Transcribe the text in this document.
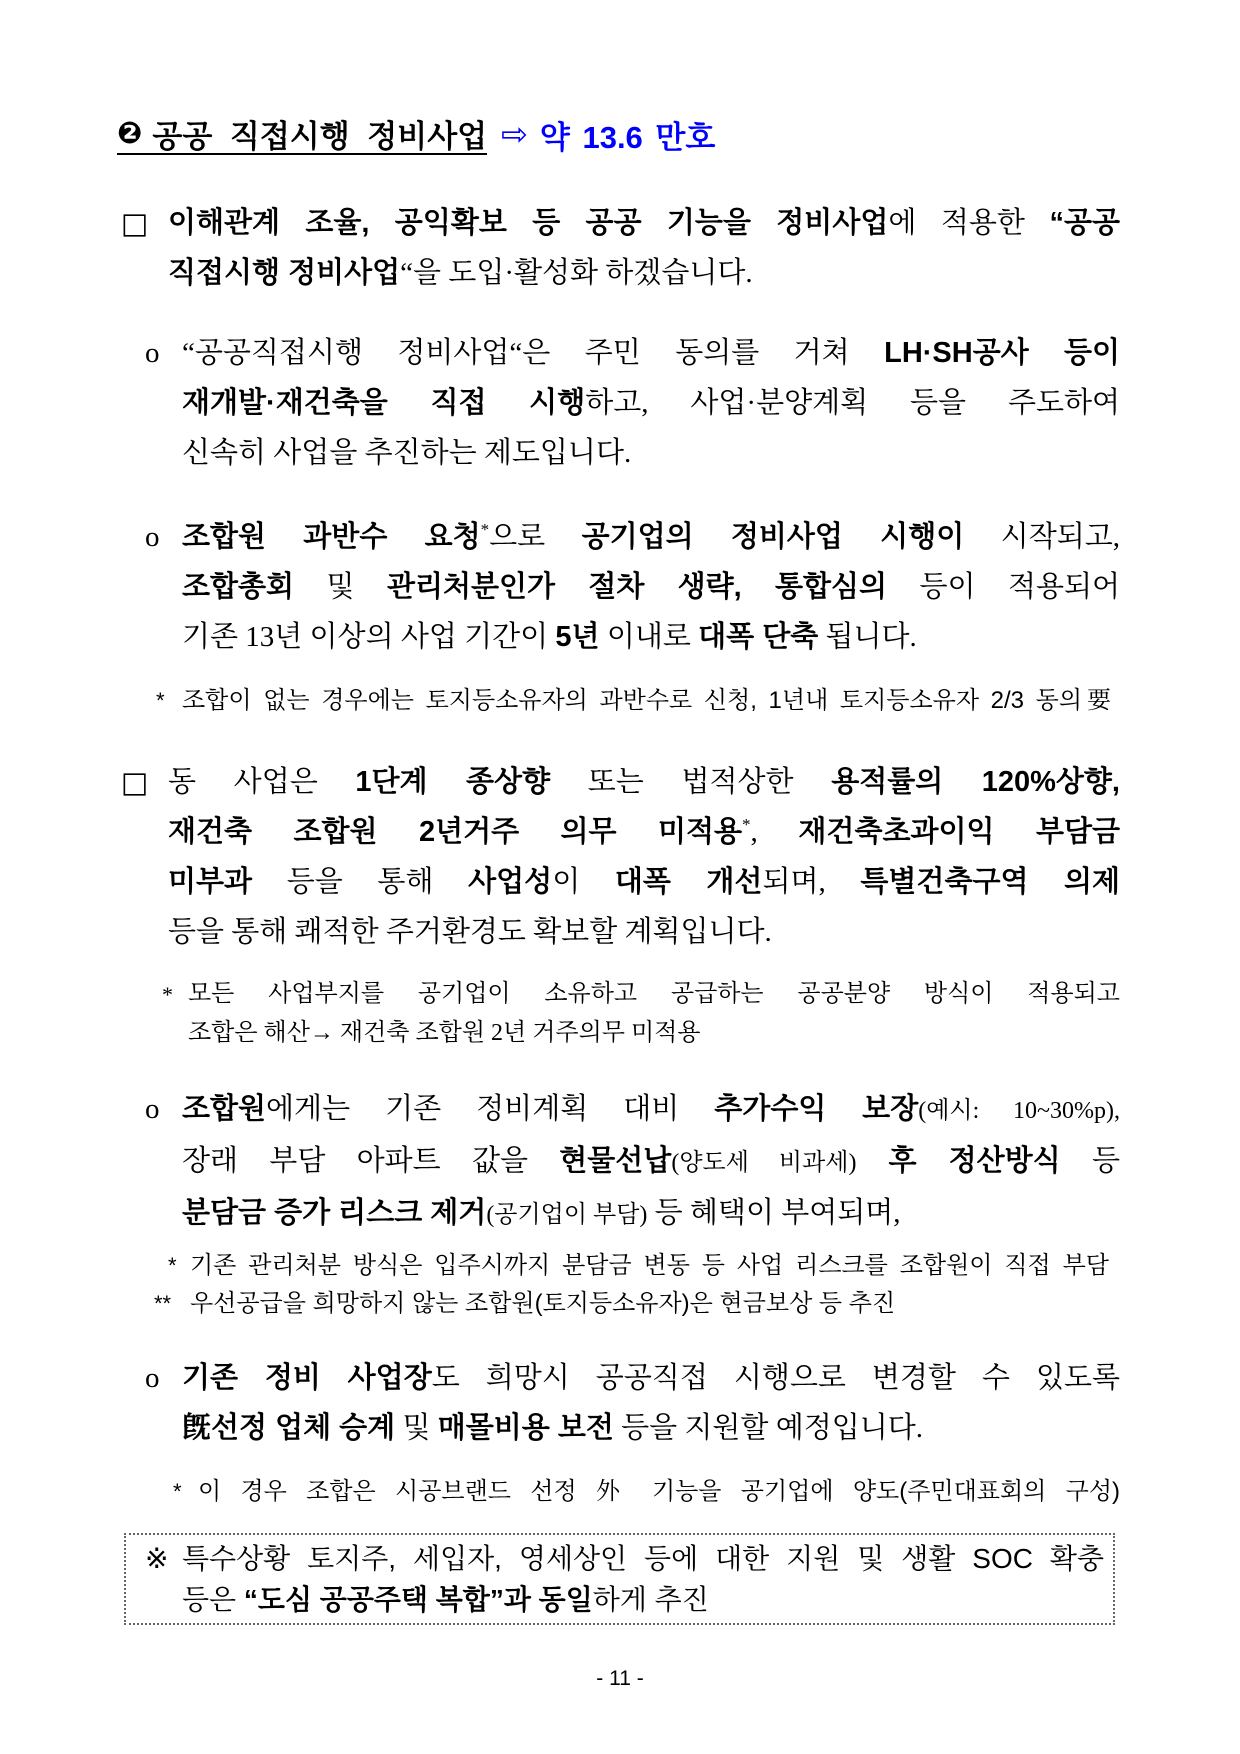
❷ 공공 직접시행 정비사업 ⇨ 약 13.6 만호
□ 이해관계 조율, 공익확보 등 공공 기능을 정비사업에 적용한 “공공
직접시행 정비사업“을 도입·활성화 하겠습니다.
o “공공직접시행 정비사업“은 주민 동의를 거쳐 LH·SH공사 등이
재개발·재건축을 직접 시행하고, 사업·분양계획 등을 주도하여
신속히 사업을 추진하는 제도입니다.
o 조합원 과반수 요청*으로 공기업의 정비사업 시행이 시작되고,
조합총회 및 관리처분인가 절차 생략, 통합심의 등이 적용되어
기존 13년 이상의 사업 기간이 5년 이내로 대폭 단축 됩니다.
* 조합이 없는 경우에는 토지등소유자의 과반수로 신청, 1년내 토지등소유자 2/3 동의要
□ 동 사업은 1단계 종상향 또는 법적상한 용적률의 120%상향,
재건축 조합원 2년거주 의무 미적용*, 재건축초과이익 부담금
미부과 등을 통해 사업성이 대폭 개선되며, 특별건축구역 의제
등을 통해 쾌적한 주거환경도 확보할 계획입니다.
* 모든 사업부지를 공기업이 소유하고 공급하는 공공분양 방식이 적용되고
조합은 해산→ 재건축 조합원 2년 거주의무 미적용
o 조합원에게는 기존 정비계획 대비 추가수익 보장(예시: 10~30%p),
장래 부담 아파트 값을 현물선납(양도세 비과세) 후 정산방식 등
분담금 증가 리스크 제거(공기업이 부담) 등 혜택이 부여되며,
* 기존 관리처분 방식은 입주시까지 분담금 변동 등 사업 리스크를 조합원이 직접 부담
** 우선공급을 희망하지 않는 조합원(토지등소유자)은 현금보상 등 추진
o 기존 정비 사업장도 희망시 공공직접 시행으로 변경할 수 있도록
旣선정 업체 승계 및 매몰비용 보전 등을 지원할 예정입니다.
* 이 경우 조합은 시공브랜드 선정 外 기능을 공기업에 양도(주민대표회의 구성)
※ 특수상황 토지주, 세입자, 영세상인 등에 대한 지원 및 생활 SOC 확충
등은 “도심 공공주택 복합”과 동일하게 추진
- 11 -
